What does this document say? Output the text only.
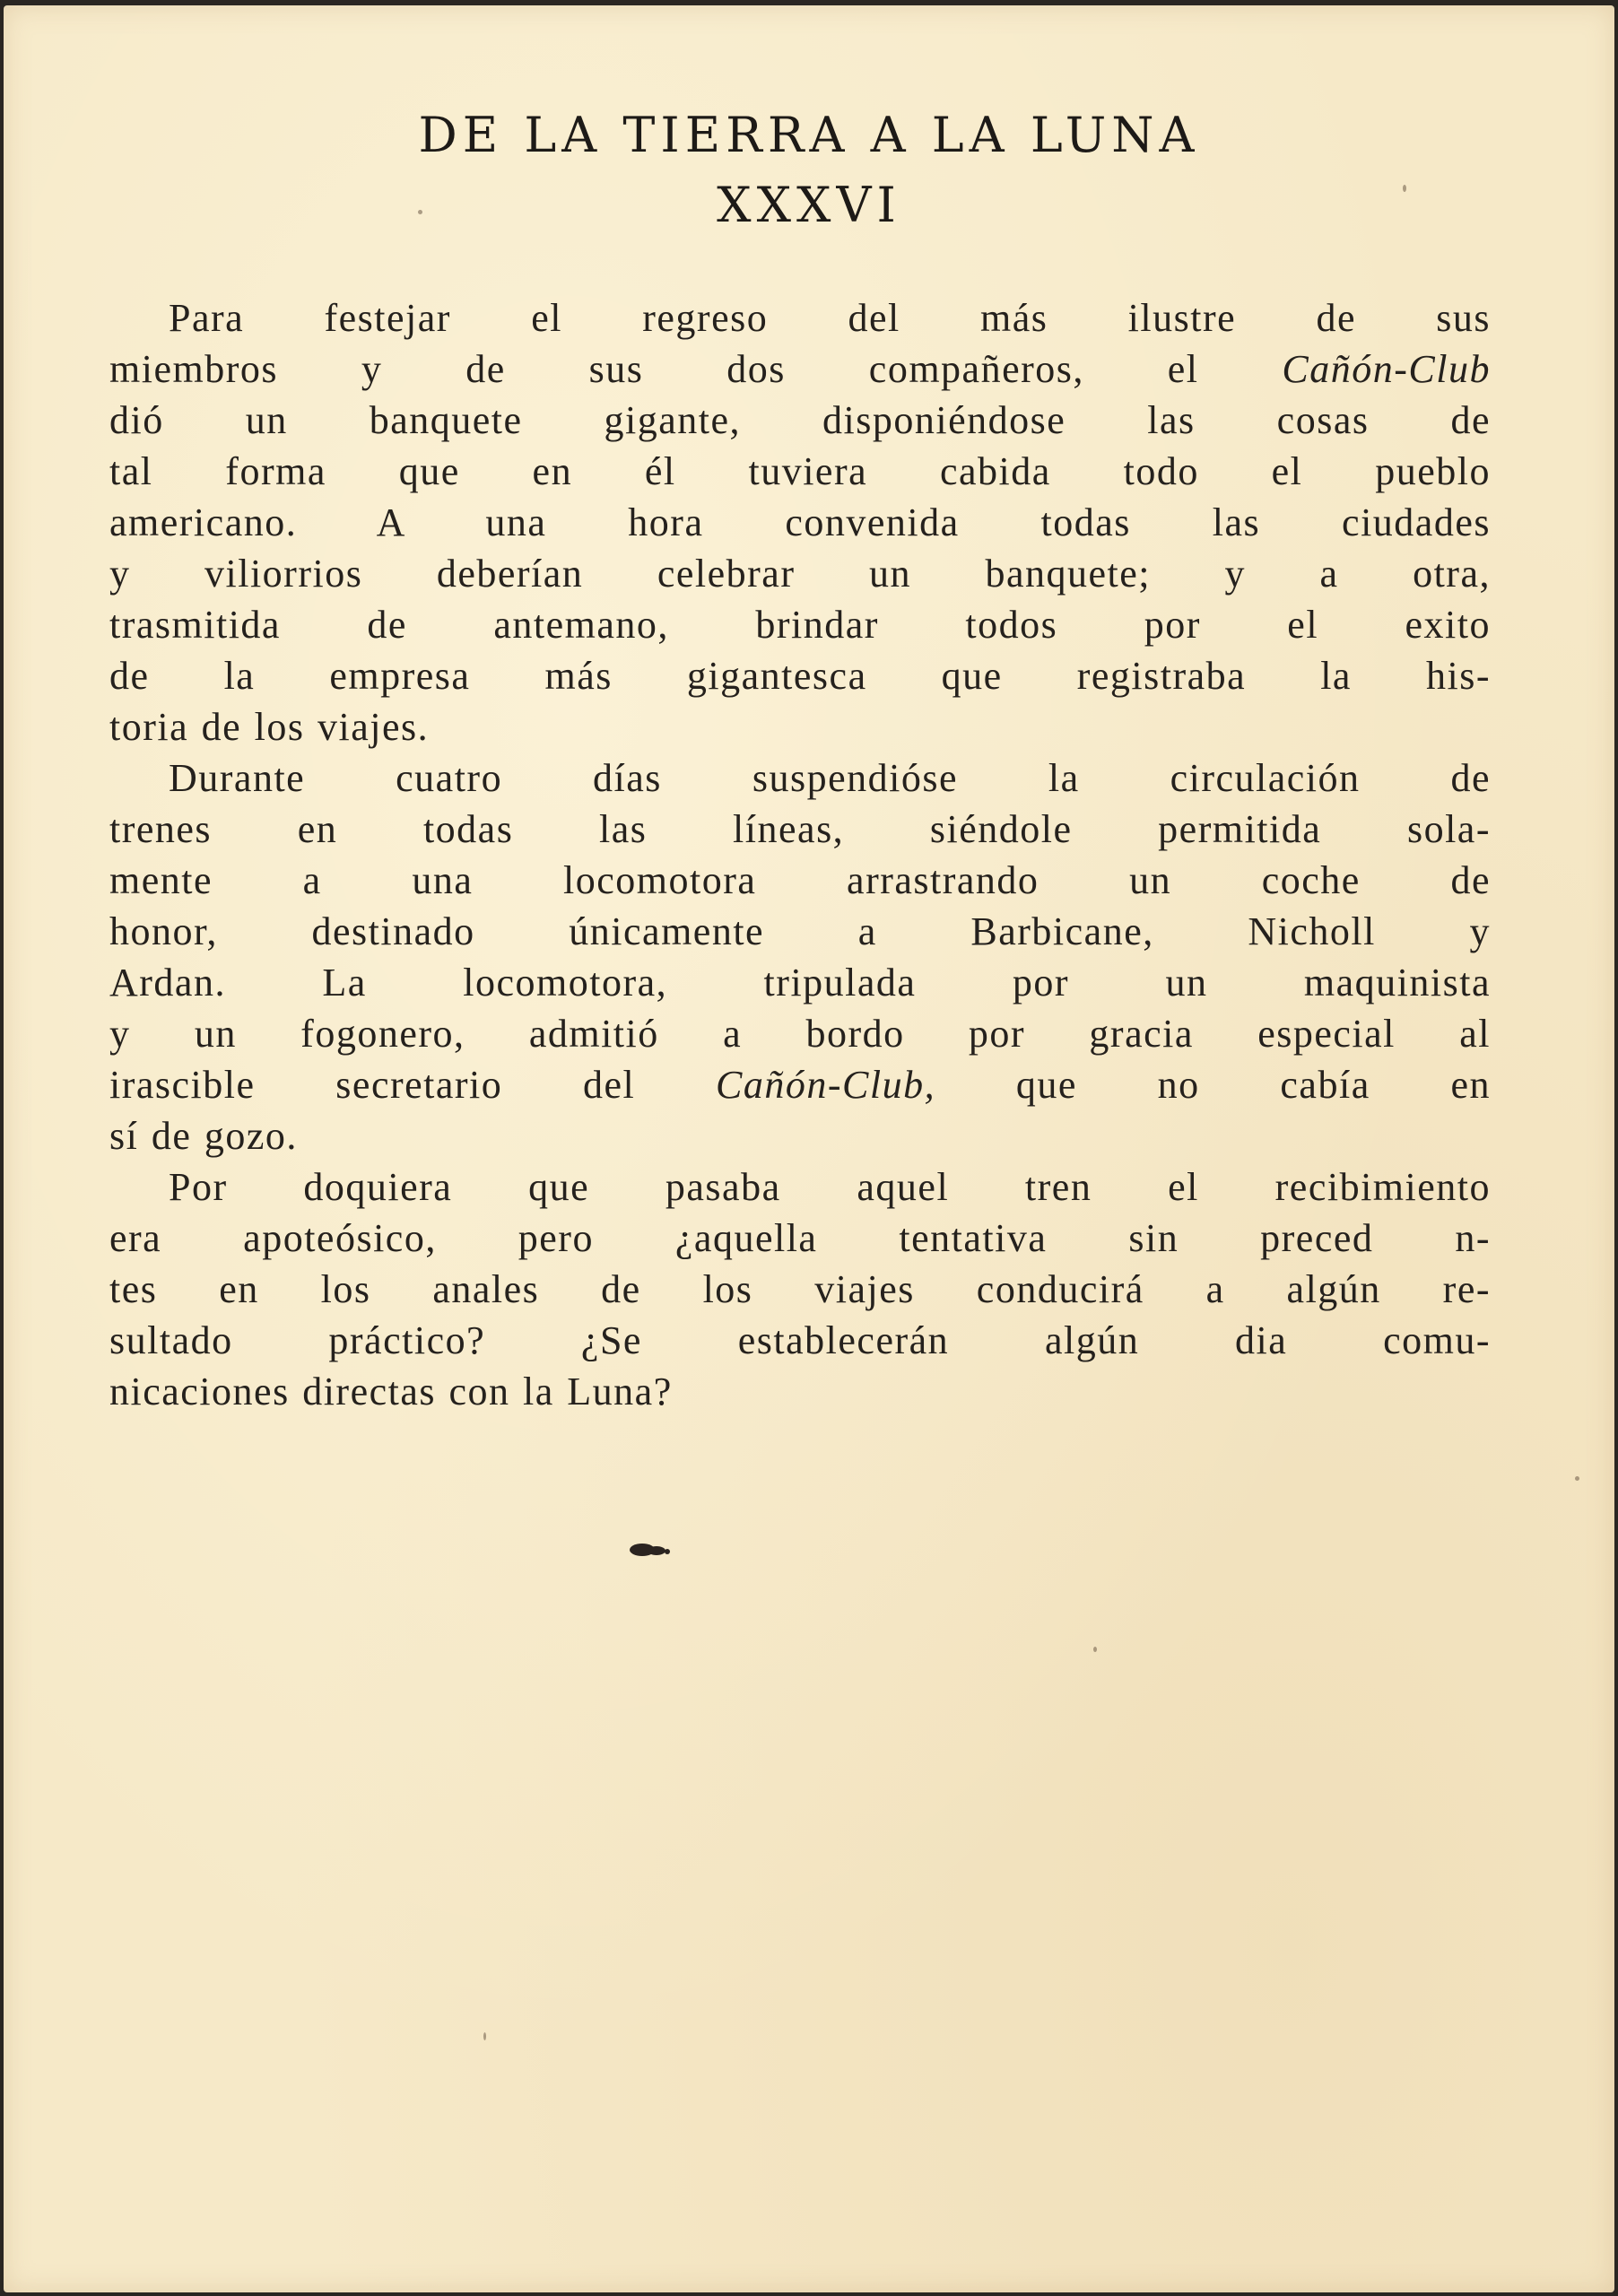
DE LA TIERRA A LA LUNA
XXXVI
Para festejar el regreso del más ilustre de sus
miembros y de sus dos compañeros, el Cañón-Club
dió un banquete gigante, disponiéndose las cosas de
tal forma que en él tuviera cabida todo el pueblo
americano. A una hora convenida todas las ciudades
y viliorrios deberían celebrar un banquete; y a otra,
trasmitida de antemano, brindar todos por el exito
de la empresa más gigantesca que registraba la his-
toria de los viajes.
Durante cuatro días suspendióse la circulación de
trenes en todas las líneas, siéndole permitida sola-
mente a una locomotora arrastrando un coche de
honor, destinado únicamente a Barbicane, Nicholl y
Ardan. La locomotora, tripulada por un maquinista
y un fogonero, admitió a bordo por gracia especial al
irascible secretario del Cañón-Club, que no cabía en
sí de gozo.
Por doquiera que pasaba aquel tren el recibimiento
era apoteósico, pero ¿aquella tentativa sin preced n-
tes en los anales de los viajes conducirá a algún re-
sultado práctico? ¿Se establecerán algún dia comu-
nicaciones directas con la Luna?
